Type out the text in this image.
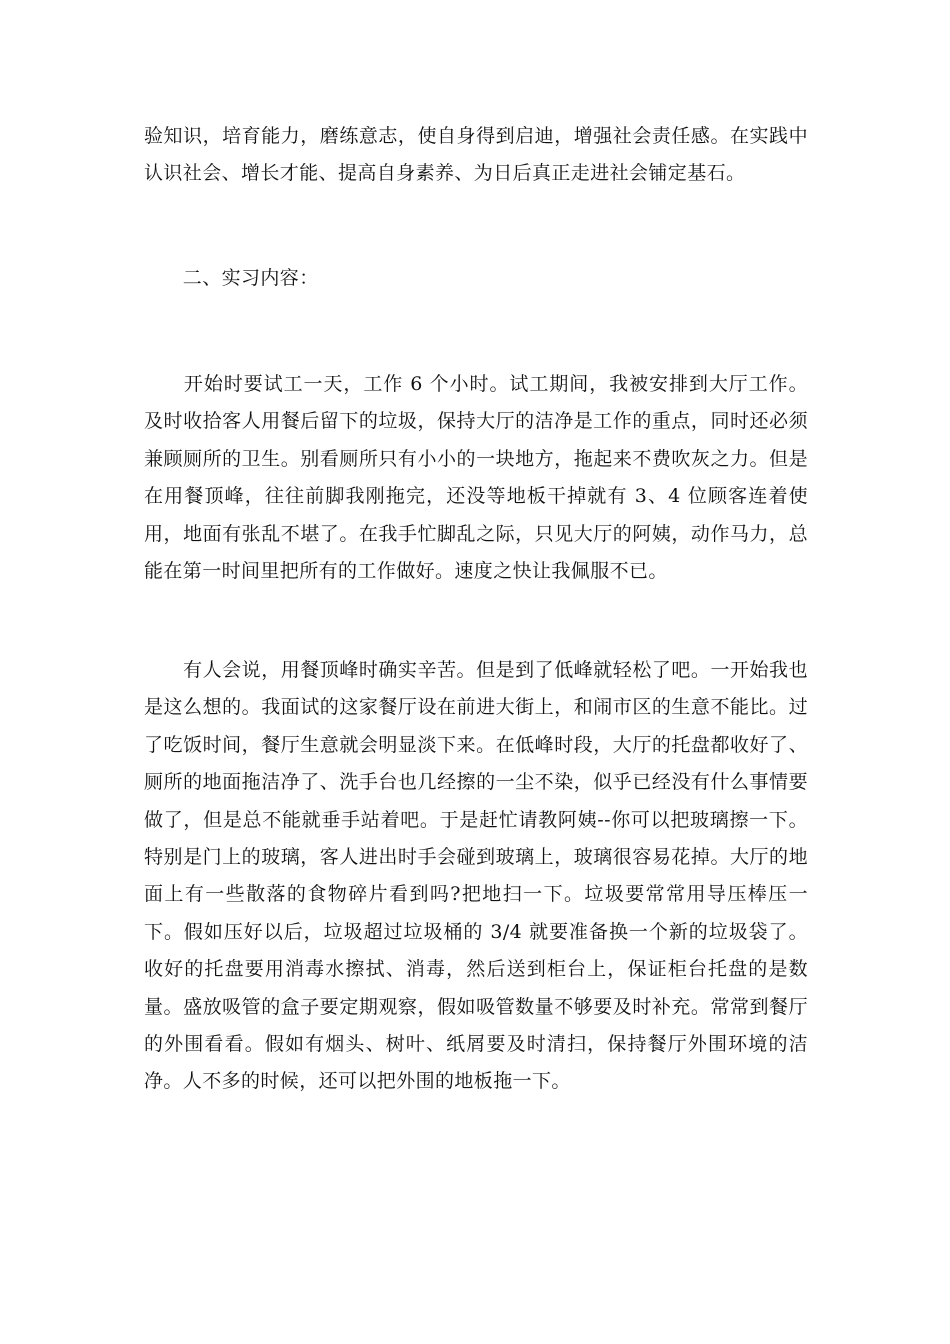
验知识，培育能力，磨练意志，使自身得到启迪，增强社会责任感。在实践中认识社会、增长才能、提高自身素养、为日后真正走进社会铺定基石。

　　二、实习内容：

　　开始时要试工一天，工作 6 个小时。试工期间，我被安排到大厅工作。及时收拾客人用餐后留下的垃圾，保持大厅的洁净是工作的重点，同时还必须兼顾厕所的卫生。别看厕所只有小小的一块地方，拖起来不费吹灰之力。但是在用餐顶峰，往往前脚我刚拖完，还没等地板干掉就有 3、4 位顾客连着使用，地面有张乱不堪了。在我手忙脚乱之际，只见大厅的阿姨，动作马力，总能在第一时间里把所有的工作做好。速度之快让我佩服不已。

　　有人会说，用餐顶峰时确实辛苦。但是到了低峰就轻松了吧。一开始我也是这么想的。我面试的这家餐厅设在前进大街上，和闹市区的生意不能比。过了吃饭时间，餐厅生意就会明显淡下来。在低峰时段，大厅的托盘都收好了、厕所的地面拖洁净了、洗手台也几经擦的一尘不染，似乎已经没有什么事情要做了，但是总不能就垂手站着吧。于是赶忙请教阿姨--你可以把玻璃擦一下。特别是门上的玻璃，客人进出时手会碰到玻璃上，玻璃很容易花掉。大厅的地面上有一些散落的食物碎片看到吗?把地扫一下。垃圾要常常用导压棒压一下。假如压好以后，垃圾超过垃圾桶的 3/4 就要准备换一个新的垃圾袋了。收好的托盘要用消毒水擦拭、消毒，然后送到柜台上，保证柜台托盘的是数量。盛放吸管的盒子要定期观察，假如吸管数量不够要及时补充。常常到餐厅的外围看看。假如有烟头、树叶、纸屑要及时清扫，保持餐厅外围环境的洁净。人不多的时候，还可以把外围的地板拖一下。
